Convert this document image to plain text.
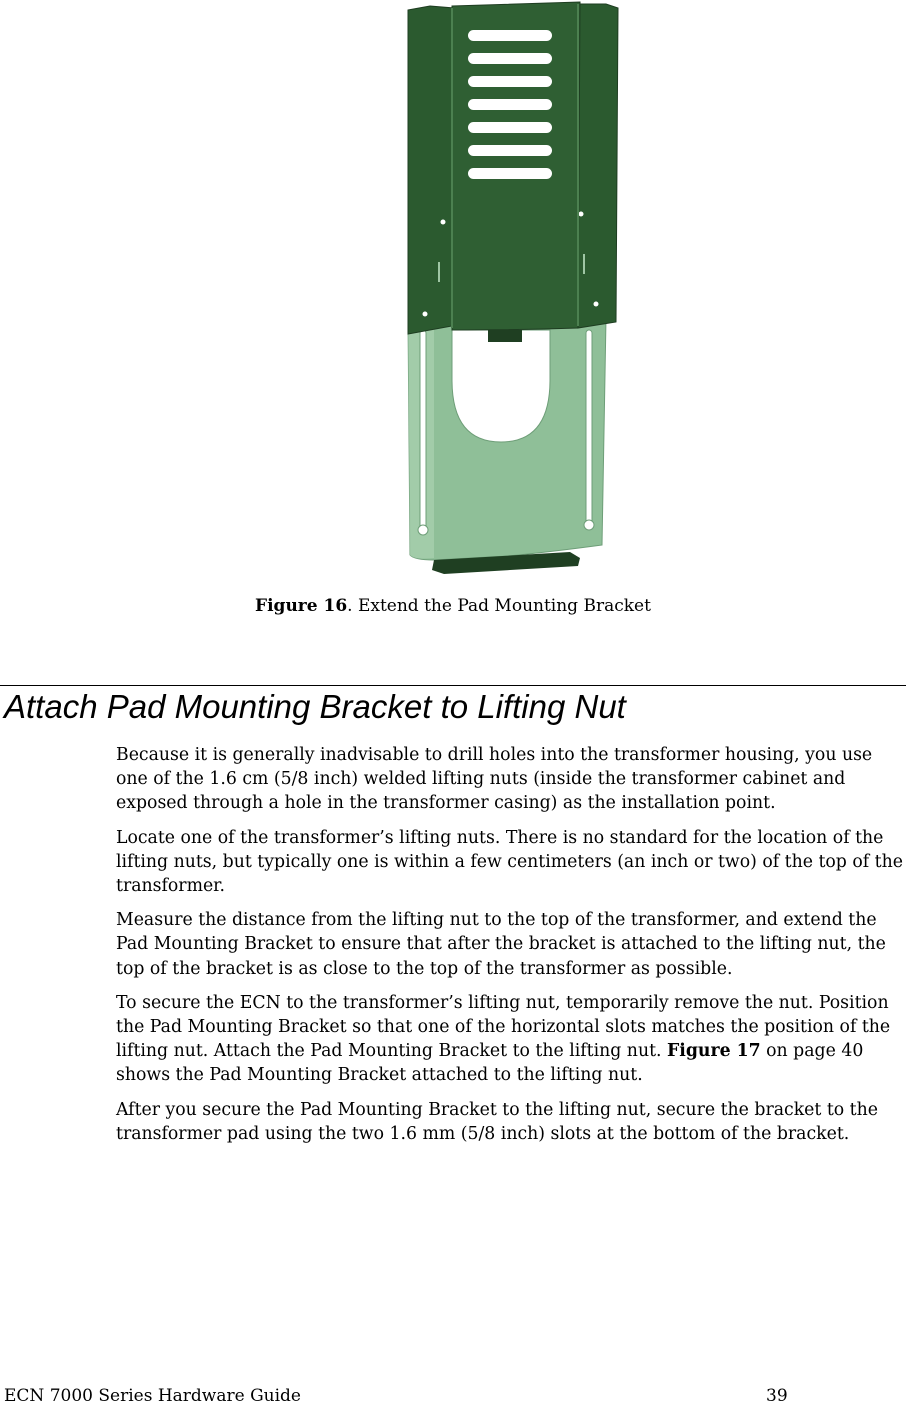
Figure 16. Extend the Pad Mounting Bracket
Attach Pad Mounting Bracket to Lifting Nut

Because it is generally inadvisable to drill holes into the transformer housing, you use one of the 1.6 cm (5/8 inch) welded lifting nuts (inside the transformer cabinet and exposed through a hole in the transformer casing) as the installation point.

Locate one of the transformer’s lifting nuts. There is no standard for the location of the lifting nuts, but typically one is within a few centimeters (an inch or two) of the top of the transformer.

Measure the distance from the lifting nut to the top of the transformer, and extend the Pad Mounting Bracket to ensure that after the bracket is attached to the lifting nut, the top of the bracket is as close to the top of the transformer as possible.

To secure the ECN to the transformer’s lifting nut, temporarily remove the nut. Position the Pad Mounting Bracket so that one of the horizontal slots matches the position of the lifting nut. Attach the Pad Mounting Bracket to the lifting nut. Figure 17 on page 40 shows the Pad Mounting Bracket attached to the lifting nut.

After you secure the Pad Mounting Bracket to the lifting nut, secure the bracket to the transformer pad using the two 1.6 mm (5/8 inch) slots at the bottom of the bracket.

ECN 7000 Series Hardware Guide	39
